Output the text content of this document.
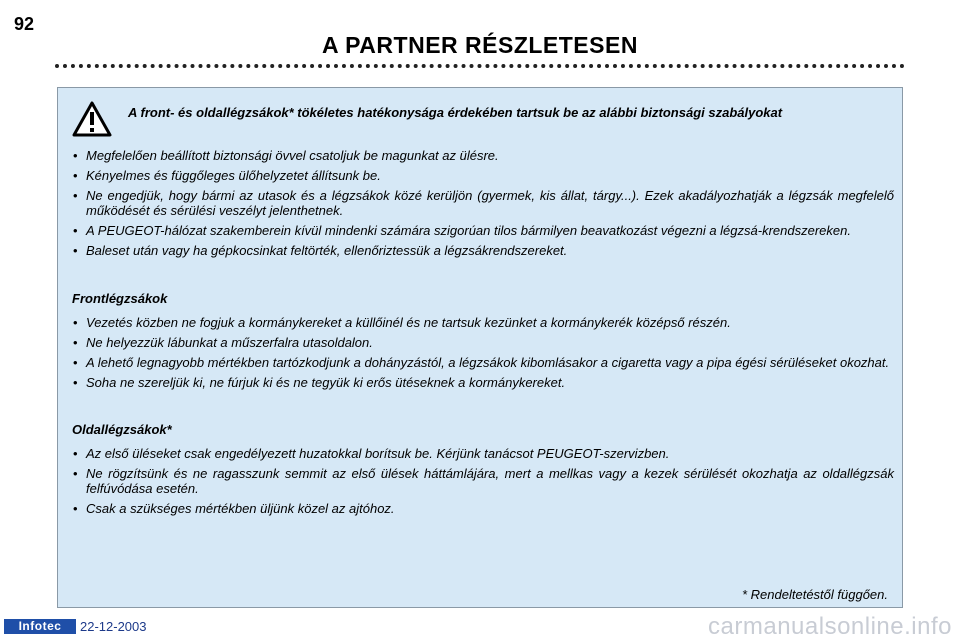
92
A PARTNER RÉSZLETESEN
A front- és oldallégzsákok* tökéletes hatékonysága érdekében tartsuk be az alábbi biztonsági szabályokat
• Megfelelően beállított biztonsági övvel csatoljuk be magunkat az ülésre.
• Kényelmes és függőleges ülőhelyzetet állítsunk be.
• Ne engedjük, hogy bármi az utasok és a légzsákok közé kerüljön (gyermek, kis állat, tárgy...). Ezek akadályozhatják a légzsák megfelelő működését és sérülési veszélyt jelenthetnek.
• A PEUGEOT-hálózat szakemberein kívül mindenki számára szigorúan tilos bármilyen beavatkozást végezni a légzsá-krendszereken.
• Baleset után vagy ha gépkocsinkat feltörték, ellenőriztessük a légzsákrendszereket.
Frontlégzsákok
• Vezetés közben ne fogjuk a kormánykereket a küllőinél és ne tartsuk kezünket a kormánykerék középső részén.
• Ne helyezzük lábunkat a műszerfalra utasoldalon.
• A lehető legnagyobb mértékben tartózkodjunk a dohányzástól, a légzsákok kibomlásakor a cigaretta vagy a pipa égési sérüléseket okozhat.
• Soha ne szereljük ki, ne fúrjuk ki és ne tegyük ki erős ütéseknek a kormánykereket.
Oldallégzsákok*
• Az első üléseket csak engedélyezett huzatokkal borítsuk be. Kérjünk tanácsot PEUGEOT-szervizben.
• Ne rögzítsünk és ne ragasszunk semmit az első ülések háttámlájára, mert a mellkas vagy a kezek sérülését okozhatja az oldallégzsák felfúvódása esetén.
• Csak a szükséges mértékben üljünk közel az ajtóhoz.
* Rendeltetéstől függően.
Infotec	22-12-2003	carmanualsonline.info
